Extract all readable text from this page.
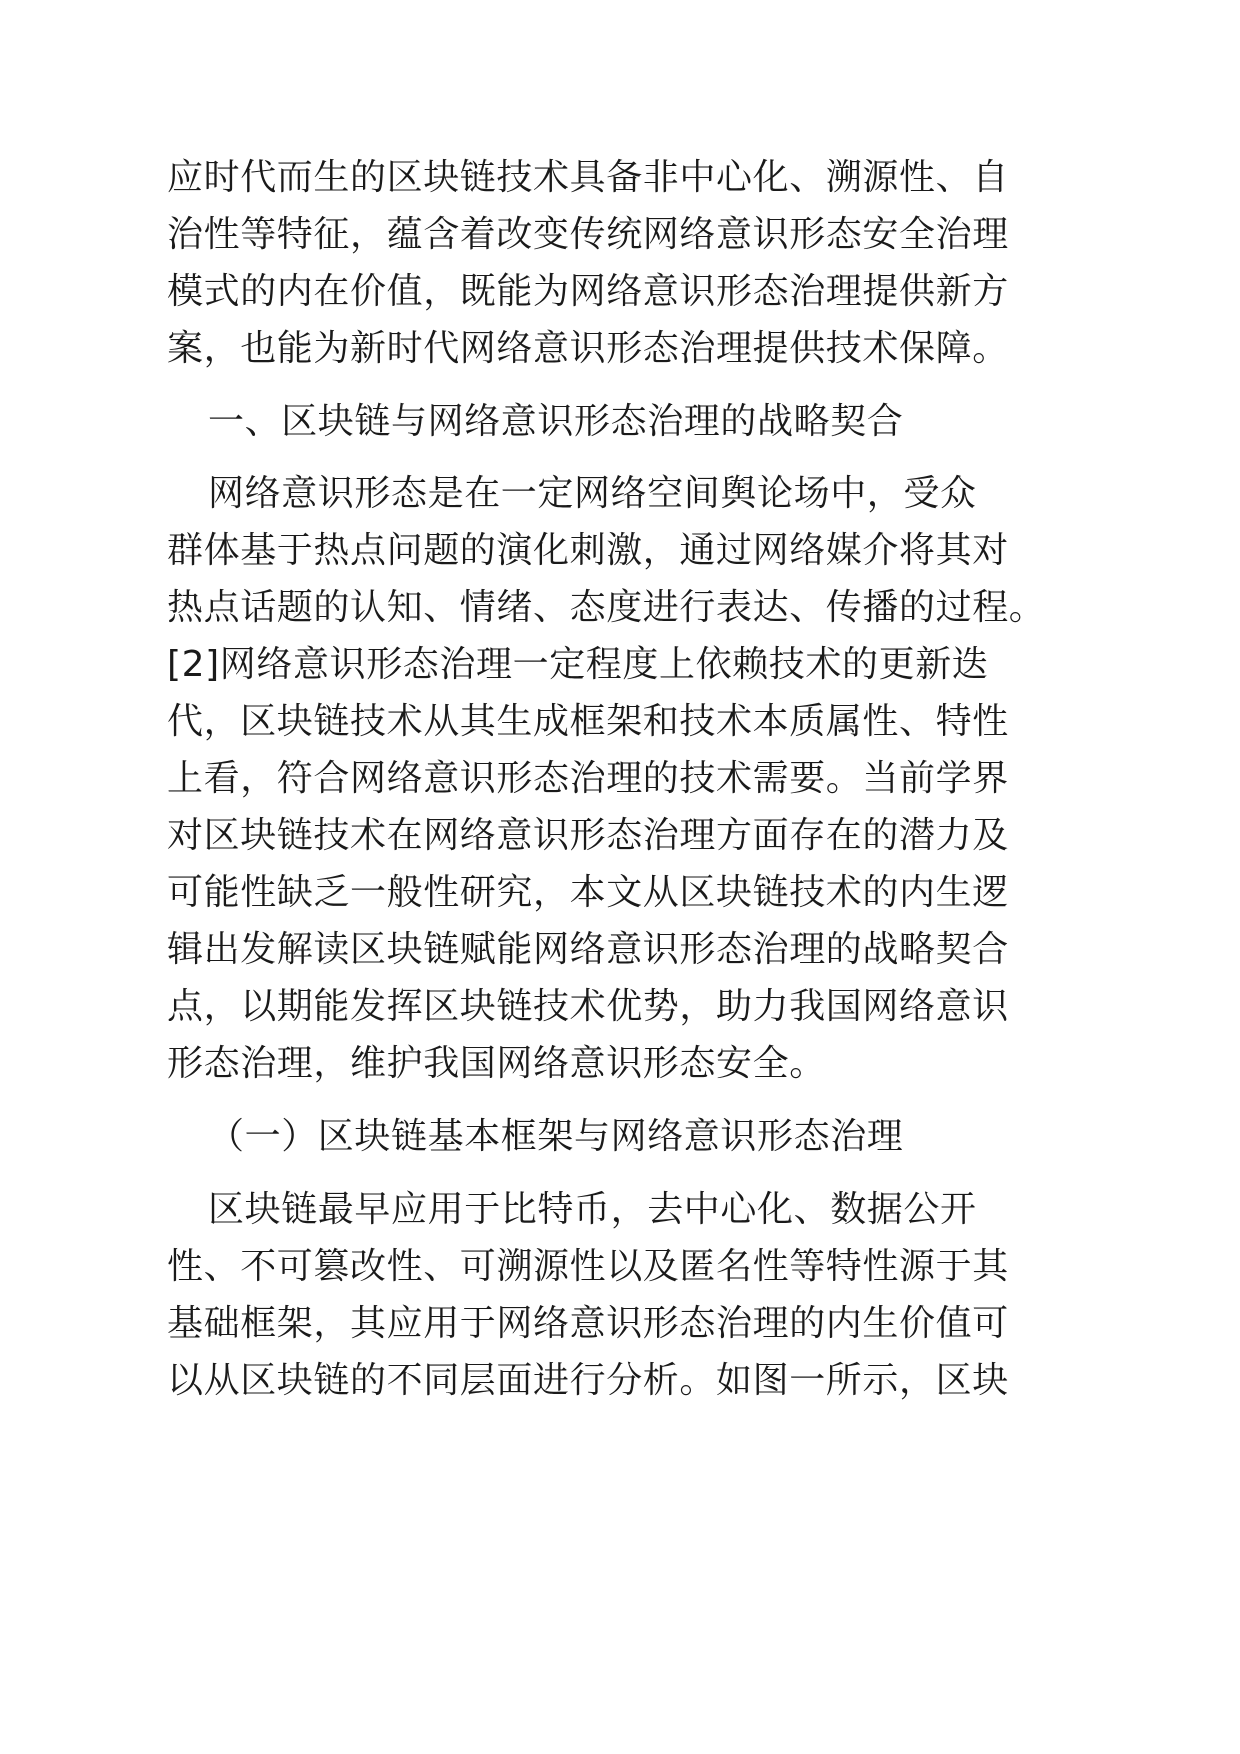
应时代而生的区块链技术具备非中心化、溯源性、自
治性等特征，蕴含着改变传统网络意识形态安全治理
模式的内在价值，既能为网络意识形态治理提供新方
案，也能为新时代网络意识形态治理提供技术保障。
一、区块链与网络意识形态治理的战略契合
网络意识形态是在一定网络空间舆论场中，受众
群体基于热点问题的演化刺激，通过网络媒介将其对
热点话题的认知、情绪、态度进行表达、传播的过程。
[2]网络意识形态治理一定程度上依赖技术的更新迭
代，区块链技术从其生成框架和技术本质属性、特性
上看，符合网络意识形态治理的技术需要。当前学界
对区块链技术在网络意识形态治理方面存在的潜力及
可能性缺乏一般性研究，本文从区块链技术的内生逻
辑出发解读区块链赋能网络意识形态治理的战略契合
点，以期能发挥区块链技术优势，助力我国网络意识
形态治理，维护我国网络意识形态安全。
（一）区块链基本框架与网络意识形态治理
区块链最早应用于比特币，去中心化、数据公开
性、不可篡改性、可溯源性以及匿名性等特性源于其
基础框架，其应用于网络意识形态治理的内生价值可
以从区块链的不同层面进行分析。如图一所示，区块
